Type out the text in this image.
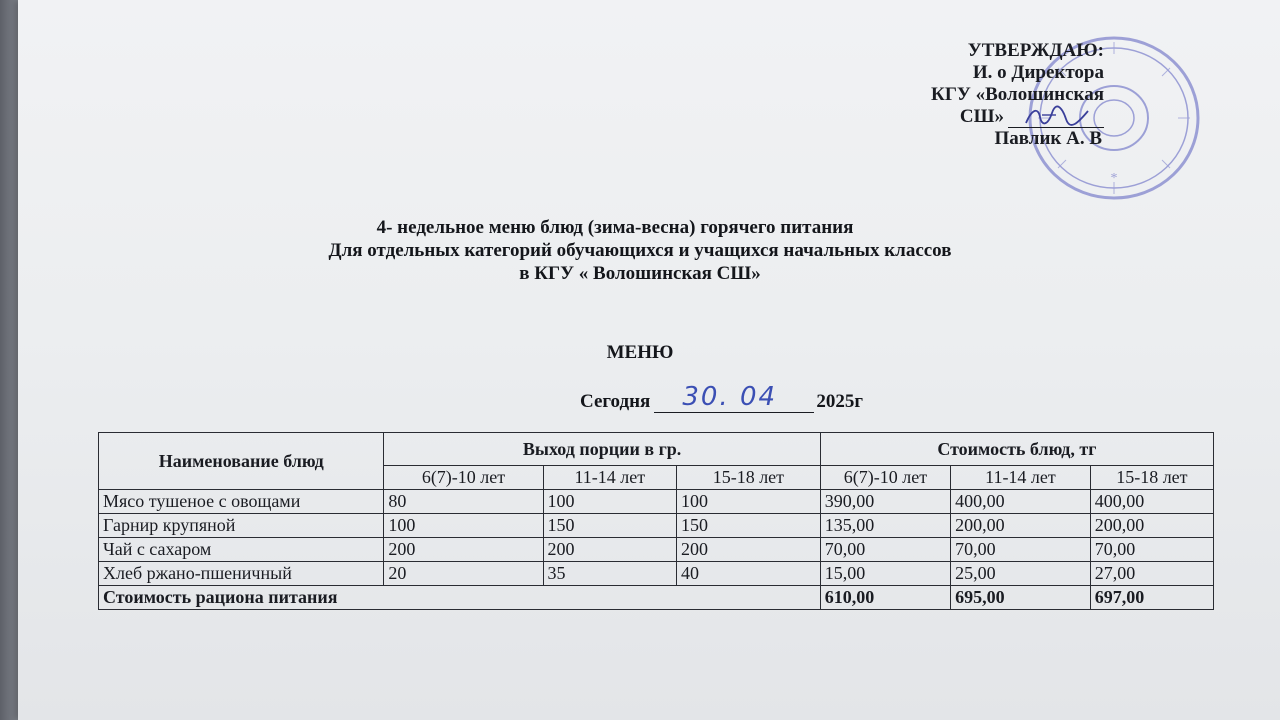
*
УТВЕРЖДАЮ:
И. о Директора
КГУ «Волошинская
СШ»
Павлик А. В
4- недельное меню блюд (зима-весна) горячего питания
Для отдельных категорий обучающихся и учащихся начальных классов
в КГУ « Волошинская СШ»
МЕНЮ
Сегодня 30. 04 2025г
Наименование блюд	Выход порции в гр.			Стоимость блюд, тг		
	6(7)-10 лет	11-14 лет	15-18 лет	6(7)-10 лет	11-14 лет	15-18 лет
Мясо тушеное с овощами	80	100	100	390,00	400,00	400,00
Гарнир крупяной	100	150	150	135,00	200,00	200,00
Чай с сахаром	200	200	200	70,00	70,00	70,00
Хлеб ржано-пшеничный	20	35	40	15,00	25,00	27,00
Стоимость рациона питания				610,00	695,00	697,00
